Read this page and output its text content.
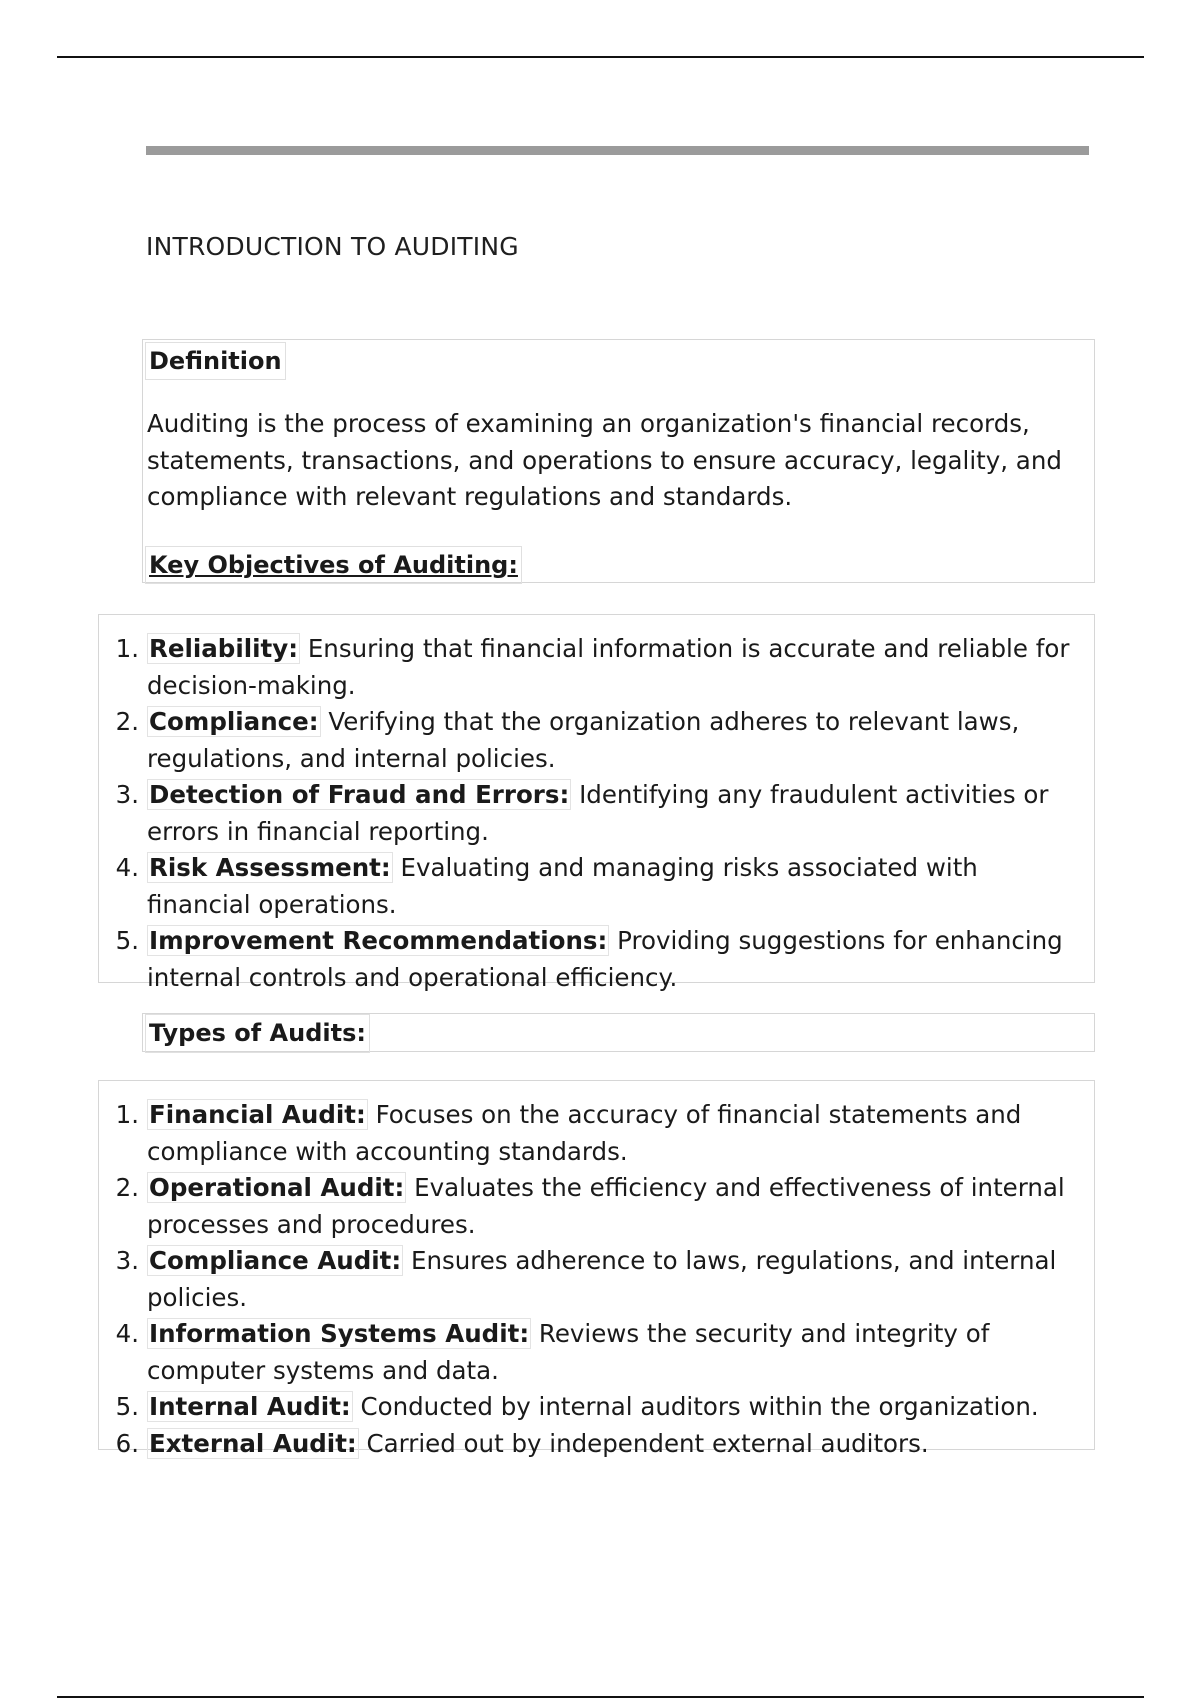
INTRODUCTION TO AUDITING
Definition
Auditing is the process of examining an organization's financial records, statements, transactions, and operations to ensure accuracy, legality, and compliance with relevant regulations and standards.
Key Objectives of Auditing:
1. Reliability: Ensuring that financial information is accurate and reliable for decision-making.
2. Compliance: Verifying that the organization adheres to relevant laws, regulations, and internal policies.
3. Detection of Fraud and Errors: Identifying any fraudulent activities or errors in financial reporting.
4. Risk Assessment: Evaluating and managing risks associated with financial operations.
5. Improvement Recommendations: Providing suggestions for enhancing internal controls and operational efficiency.
Types of Audits:
1. Financial Audit: Focuses on the accuracy of financial statements and compliance with accounting standards.
2. Operational Audit: Evaluates the efficiency and effectiveness of internal processes and procedures.
3. Compliance Audit: Ensures adherence to laws, regulations, and internal policies.
4. Information Systems Audit: Reviews the security and integrity of computer systems and data.
5. Internal Audit: Conducted by internal auditors within the organization.
6. External Audit: Carried out by independent external auditors.
